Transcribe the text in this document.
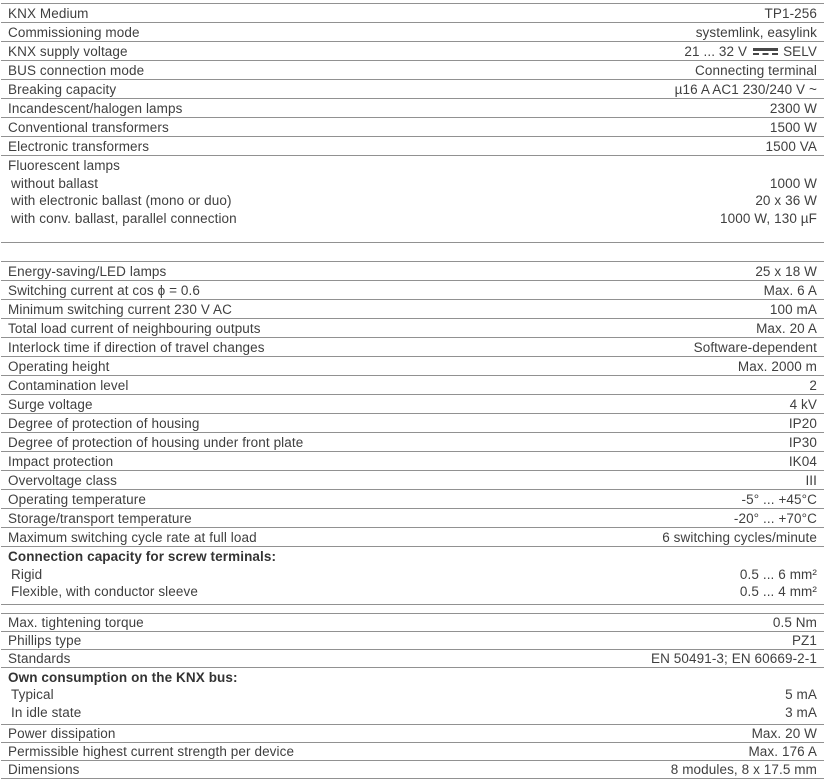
KNX Medium	TP1-256
Commissioning mode	systemlink, easylink
KNX supply voltage	21 ... 32 V	SELV
BUS connection mode	Connecting terminal
Breaking capacity	µ16 A AC1 230/240 V ~
Incandescent/halogen lamps	2300 W
Conventional transformers	1500 W
Electronic transformers	1500 VA
Fluorescent lamps
without ballast	1000 W
with electronic ballast (mono or duo)	20 x 36 W
with conv. ballast, parallel connection	1000 W, 130 µF
Energy-saving/LED lamps	25 x 18 W
Switching current at cos ϕ = 0.6	Max. 6 A
Minimum switching current 230 V AC	100 mA
Total load current of neighbouring outputs	Max. 20 A
Interlock time if direction of travel changes	Software-dependent
Operating height	Max. 2000 m
Contamination level	2
Surge voltage	4 kV
Degree of protection of housing	IP20
Degree of protection of housing under front plate	IP30
Impact protection	IK04
Overvoltage class	III
Operating temperature	-5° ... +45°C
Storage/transport temperature	-20° ... +70°C
Maximum switching cycle rate at full load	6 switching cycles/minute
Connection capacity for screw terminals:
Rigid	0.5 ... 6 mm²
Flexible, with conductor sleeve	0.5 ... 4 mm²
Max. tightening torque	0.5 Nm
Phillips type	PZ1
Standards	EN 50491-3; EN 60669-2-1
Own consumption on the KNX bus:
Typical	5 mA
In idle state	3 mA
Power dissipation	Max. 20 W
Permissible highest current strength per device	Max. 176 A
Dimensions	8 modules, 8 x 17.5 mm
